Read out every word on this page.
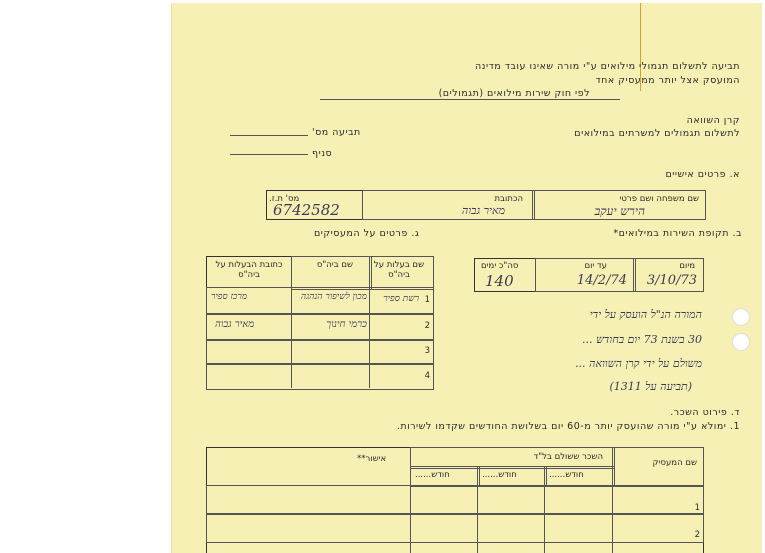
תביעה לתשלום תגמולי מילואים ע"י מורה שאינו עובד מדינה
המועסק אצל יותר ממעסיק אחד
לפי חוק שירות מילואים (תגמולים)
קרן השוואה
לתשלום תגמולים למשרתים במילואים
תביעה מס'
סניף
א. פרטים אישיים
שם משפחה ושם פרטי
הכתובת
מס' ת.ז.
הירש יעקב
מאיר גבוה
6742582
ב. תקופת השירות במילואים*
מיום
עד יום
סה"כ ימים
3/10/73
14/2/74
140
ג. פרטים על המעסיקים
שם בעלות על ביה"ס
שם ביה"ס
כתובת הבעלות על ביה"ס
1
2
3
4
רשת ספיר
מכון לשיפור הנהגה
מרכז ספיר
כרמי חינוך
מאיר גבוה
המורה הנ"ל הועסק על ידי
30 בשנת 73 יום בחודש ...
משולם על ידי קרן השוואה ...
(תביעה על 1311)
ד. פירוט השכר.
1. ימולא ע"י מורה שהועסק יותר מ-60 יום בשלושת החודשים שקדמו לשירות.
שם המעסיק
השכר ששולם בל"ד
חודש......	חודש......	חודש......
אישור**
1
2
